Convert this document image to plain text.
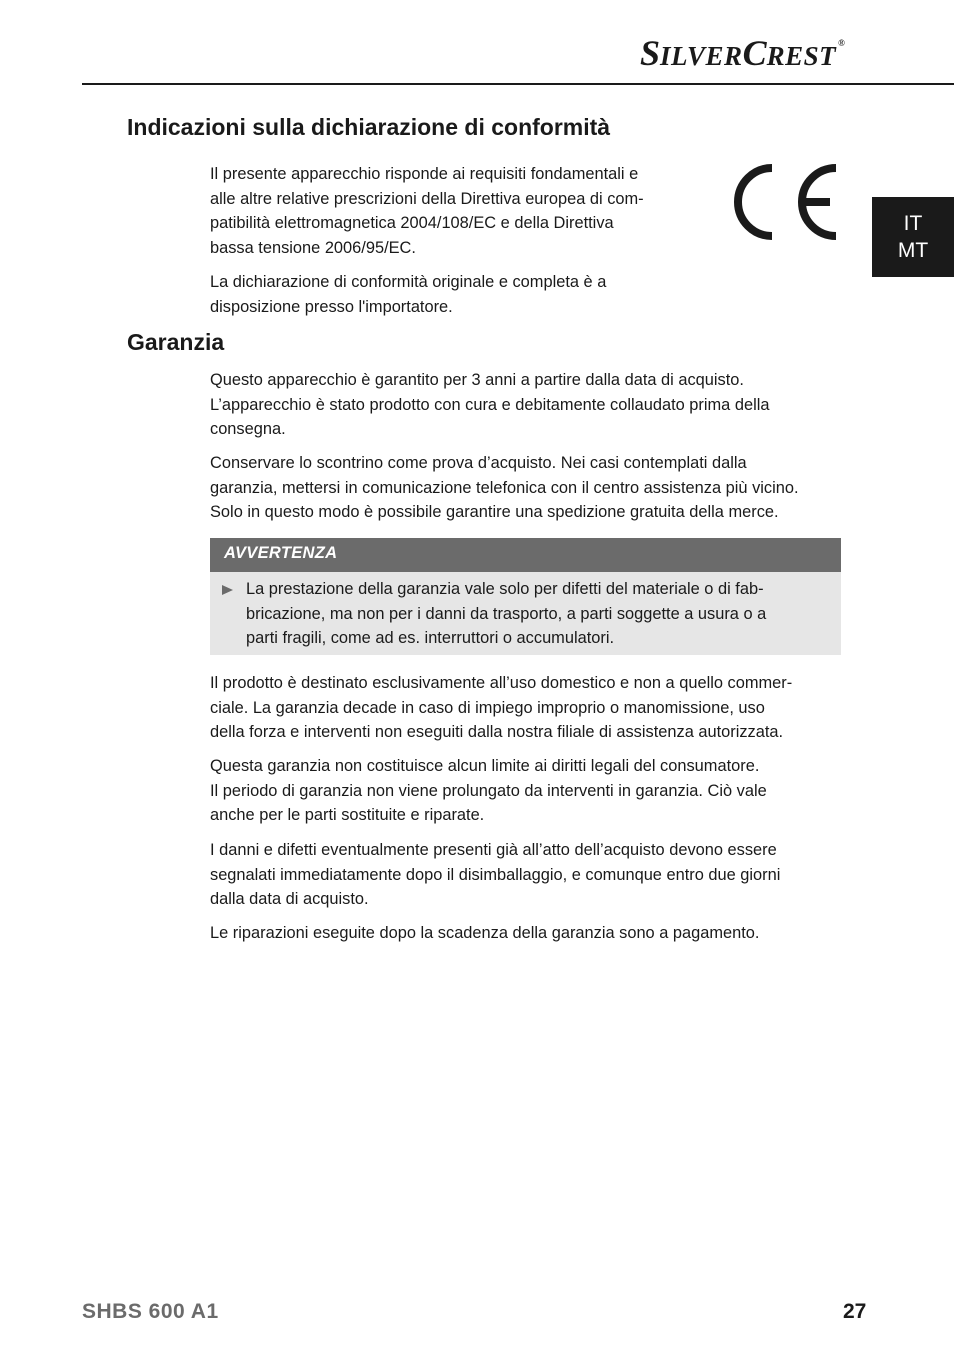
SILVERCREST ®
IT
MT
Indicazioni sulla dichiarazione di conformità
Il presente apparecchio risponde ai requisiti fondamentali e
alle altre relative prescrizioni della Direttiva europea di com-
patibilità elettromagnetica 2004/108/EC e della Direttiva
bassa tensione 2006/95/EC.
La dichiarazione di conformità originale e completa è a
disposizione presso l'importatore.
Garanzia
Questo apparecchio è garantito per 3 anni a partire dalla data di acquisto.
L’apparecchio è stato prodotto con cura e debitamente collaudato prima della
consegna.
Conservare lo scontrino come prova d’acquisto. Nei casi contemplati dalla
garanzia, mettersi in comunicazione telefonica con il centro assistenza più vicino.
Solo in questo modo è possibile garantire una spedizione gratuita della merce.
AVVERTENZA
La prestazione della garanzia vale solo per difetti del materiale o di fab-
bricazione, ma non per i danni da trasporto, a parti soggette a usura o a
parti fragili, come ad es. interruttori o accumulatori.
Il prodotto è destinato esclusivamente all’uso domestico e non a quello commer-
ciale. La garanzia decade in caso di impiego improprio o manomissione, uso
della forza e interventi non eseguiti dalla nostra filiale di assistenza autorizzata.
Questa garanzia non costituisce alcun limite ai diritti legali del consumatore.
Il periodo di garanzia non viene prolungato da interventi in garanzia. Ciò vale
anche per le parti sostituite e riparate.
I danni e difetti eventualmente presenti già all’atto dell’acquisto devono essere
segnalati immediatamente dopo il disimballaggio, e comunque entro due giorni
dalla data di acquisto.
Le riparazioni eseguite dopo la scadenza della garanzia sono a pagamento.
SHBS 600 A1	27
